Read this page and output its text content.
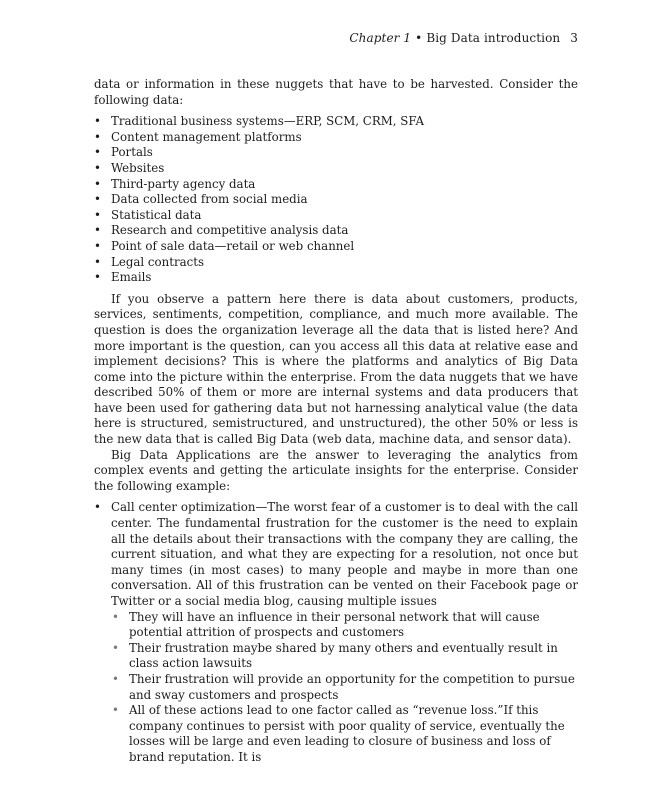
Chapter 1 • Big Data introduction 3

data or information in these nuggets that have to be harvested. Consider the following data:

• Traditional business systems—ERP, SCM, CRM, SFA
• Content management platforms
• Portals
• Websites
• Third-party agency data
• Data collected from social media
• Statistical data
• Research and competitive analysis data
• Point of sale data—retail or web channel
• Legal contracts
• Emails

If you observe a pattern here there is data about customers, products, services, sentiments, competition, compliance, and much more available. The question is does the organization leverage all the data that is listed here? And more important is the question, can you access all this data at relative ease and implement decisions? This is where the platforms and analytics of Big Data come into the picture within the enterprise. From the data nuggets that we have described 50% of them or more are internal systems and data producers that have been used for gathering data but not harnessing analytical value (the data here is structured, semistructured, and unstructured), the other 50% or less is the new data that is called Big Data (web data, machine data, and sensor data).

Big Data Applications are the answer to leveraging the analytics from complex events and getting the articulate insights for the enterprise. Consider the following example:

• Call center optimization—The worst fear of a customer is to deal with the call center. The fundamental frustration for the customer is the need to explain all the details about their transactions with the company they are calling, the current situation, and what they are expecting for a resolution, not once but many times (in most cases) to many people and maybe in more than one conversation. All of this frustration can be vented on their Facebook page or Twitter or a social media blog, causing multiple issues
• They will have an influence in their personal network that will cause potential attrition of prospects and customers
• Their frustration maybe shared by many others and eventually result in class action lawsuits
• Their frustration will provide an opportunity for the competition to pursue and sway customers and prospects
• All of these actions lead to one factor called as “revenue loss.”If this company continues to persist with poor quality of service, eventually the losses will be large and even leading to closure of business and loss of brand reputation. It is
